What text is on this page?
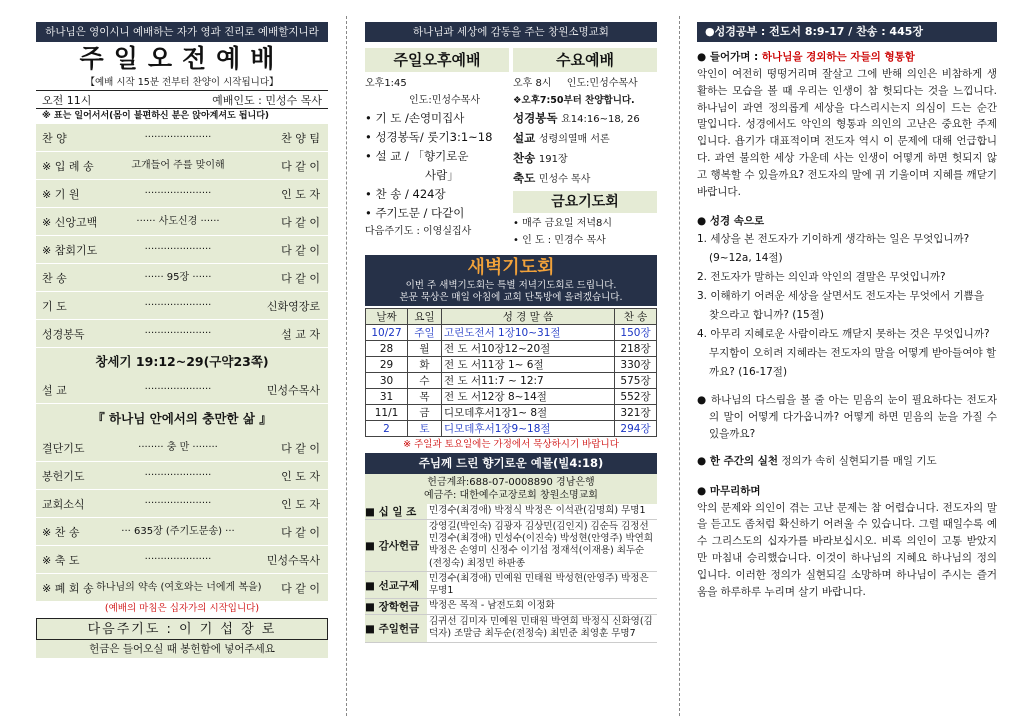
하나님은 영이시니 예배하는 자가 영과 진리로 예배할지니라
주일오전예배
【예배 시작 15분 전부터 찬양이 시작됩니다】
오전 11시	예배인도 : 민성수 목사
※ 표는 일어서서(몸이 불편하신 분은 앉아계셔도 됩니다)
찬 양	·····················	찬 양 팀
※ 입 례 송	고개들어 주를 맞이해	다 같 이
※ 기 원	·····················	인 도 자
※ 신앙고백	······ 사도신경 ······	다 같 이
※ 참회기도	·····················	다 같 이
찬 송	······ 95장 ······	다 같 이
기 도	·····················	신화영장로
성경봉독	·····················	설 교 자
창세기 19:12~29(구약23쪽)
설 교	·····················	민성수목사
『 하나님 안에서의 충만한 삶 』
결단기도	········ 충 만 ········	다 같 이
봉헌기도	·····················	인 도 자
교회소식	·····················	인 도 자
※ 찬 송	··· 635장 (주기도문송) ···	다 같 이
※ 축 도	·····················	민성수목사
※ 폐 회 송 하나님의 약속 (여호와는 너에게 복을)	다 같 이
(예배의 마침은 십자가의 시작입니다)
다음주기도 : 이 기 섭 장 로
헌금은 들어오실 때 봉헌함에 넣어주세요
하나님과 세상에 감동을 주는 창원소명교회
주일오후예배	수요예배
오후1:45
인도:민성수목사
• 기 도 /손영미집사
• 성경봉독/ 룻기3:1~18
• 설 교 / 「향기로운
사람」
• 찬 송 / 424장
• 주기도문 / 다같이
다음주기도 : 이영실집사
오후 8시 인도:민성수목사
❖오후7:50부터 찬양합니다.
성경봉독 요14:16~18, 26
설교 성령의열매 서론
찬송 191장
축도 민성수 목사
금요기도회
• 매주 금요일 저녁8시
• 인 도 : 민경수 목사
새벽기도회
이번 주 새벽기도회는 특별 저녁기도회로 드립니다.
본문 묵상은 매일 아침에 교회 단톡방에 올려겠습니다.
날짜	요일	성 경 말 씀	찬 송
10/27	주일	고린도전서 1장10~31절	150장
28	월	전 도 서10장12~20절	218장
29	화	전 도 서11장 1~ 6절	330장
30	수	전 도 서11:7 ~ 12:7	575장
31	목	전 도 서12장 8~14절	552장
11/1	금	디모데후서1장1~ 8절	321장
2	토	디모데후서1장9~18절	294장
※ 주일과 토요일에는 가정에서 묵상하시기 바랍니다
주님께 드린 향기로운 예물(빌4:18)
헌금계좌:688-07-0008890 경남은행
예금주: 대한예수교장로회 창원소명교회
■ 십 일 조	민경수(최경애) 박정식 박정은 이석관(김명희) 무명1
■ 감사헌금
강영길(박인숙) 김광자 김상민(김인지) 김순득 김정선 민경수(최경애) 민성수(이진숙) 박성현(안영주) 박연희 박정은 손영미 신정수 이기섭 정재석(이재용) 최두순(전정숙) 최정민 하판종
■ 선교구제
민경수(최경애) 민예원 민태원 박성현(안영주) 박정은 무명1
■ 장학헌금	박정은 목적 - 남전도회 이정화
■ 주일헌금
김귀선 김미자 민예원 민태원 박연희 박정식 신화영(김덕자) 조말금 최두순(전정숙) 최민준 최영훈 무명7
●성경공부 : 전도서 8:9-17 / 찬송 : 445장
● 들어가며 : 하나님을 경외하는 자들의 형통함
악인이 여전히 떵떵거리며 잘살고 그에 반해 의인은 비참하게 생활하는 모습을 볼 때 우리는 인생이 참 헛되다는 것을 느낍니다. 하나님이 과연 정의롭게 세상을 다스리시는지 의심이 드는 순간 말입니다. 성경에서도 악인의 형통과 의인의 고난은 중요한 주제입니다. 욥기가 대표적이며 전도자 역시 이 문제에 대해 언급합니다. 과연 불의한 세상 가운데 사는 인생이 어떻게 하면 헛되지 않고 행복할 수 있을까요? 전도자의 말에 귀 기울이며 지혜를 깨닫기 바랍니다.
● 성경 속으로
1. 세상을 본 전도자가 기이하게 생각하는 일은 무엇입니까? (9~12a, 14절)
2. 전도자가 말하는 의인과 악인의 결말은 무엇입니까?
3. 이해하기 어려운 세상을 살면서도 전도자는 무엇에서 기쁨을 찾으라고 합니까? (15절)
4. 아무리 지혜로운 사람이라도 깨닫지 못하는 것은 무엇입니까? 무지함이 오히려 지혜라는 전도자의 말을 어떻게 받아들여야 할까요? (16-17절)
● 하나님의 다스림을 볼 줄 아는 믿음의 눈이 필요하다는 전도자의 말이 어떻게 다가옵니까? 어떻게 하면 믿음의 눈을 가질 수 있을까요?
● 한 주간의 실천 정의가 속히 실현되기를 매일 기도
● 마무리하며
악의 문제와 의인이 겪는 고난 문제는 참 어렵습니다. 전도자의 말을 듣고도 좀처럼 확신하기 어려울 수 있습니다. 그럴 때일수록 예수 그리스도의 십자가를 바라보십시오. 비록 의인이 고통 받았지만 마침내 승리했습니다. 이것이 하나님의 지혜요 하나님의 정의입니다. 이러한 정의가 실현되길 소망하며 하나님이 주시는 즐거움을 하루하루 누리며 살기 바랍니다.
